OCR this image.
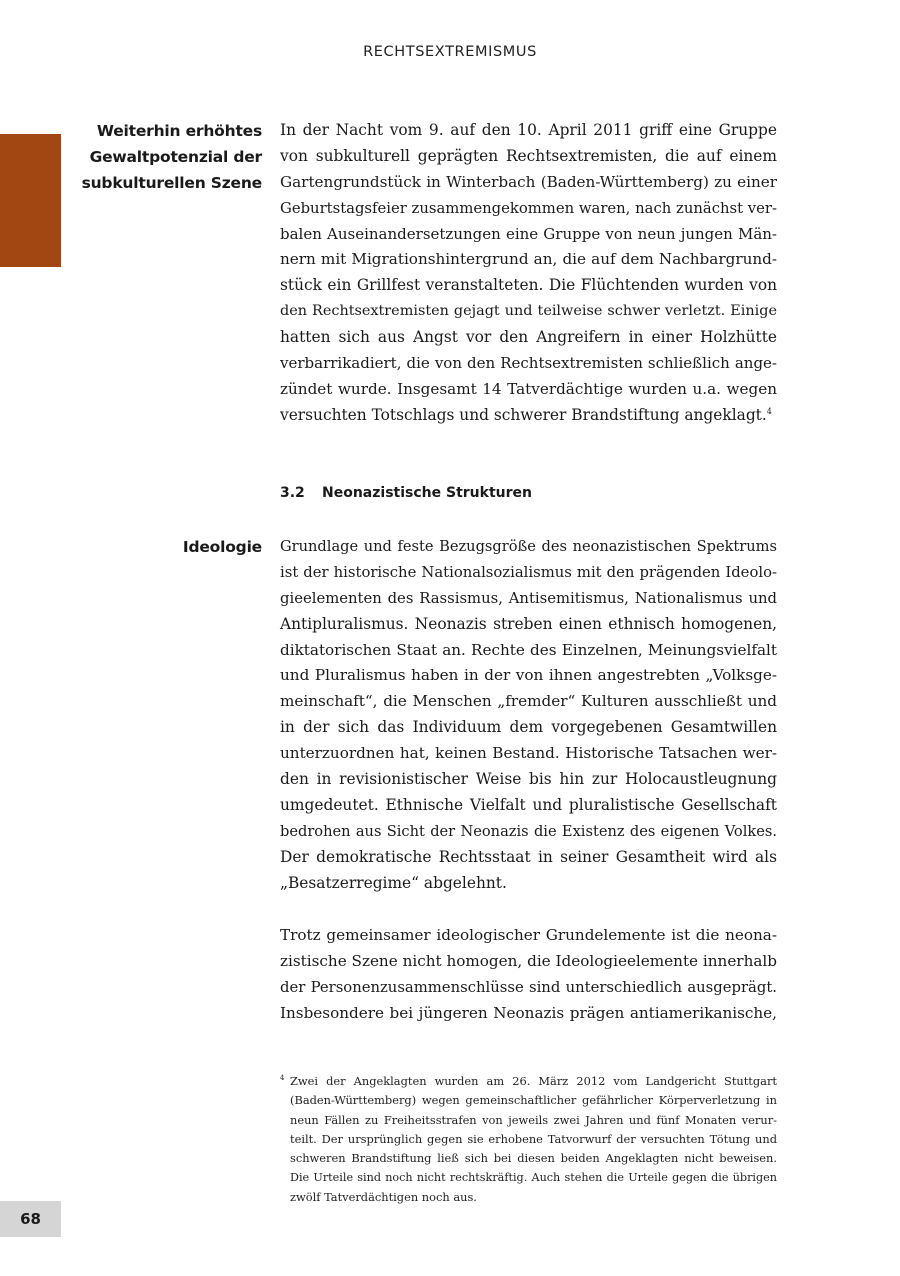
RECHTSEXTREMISMUS
Weiterhin erhöhtes
Gewaltpotenzial der
subkulturellen Szene
In der Nacht vom 9. auf den 10. April 2011 griff eine Gruppe
von subkulturell geprägten Rechtsextremisten, die auf einem
Gartengrundstück in Winterbach (Baden-Württemberg) zu einer
Geburtstagsfeier zusammengekommen waren, nach zunächst ver-
balen Auseinandersetzungen eine Gruppe von neun jungen Män-
nern mit Migrationshintergrund an, die auf dem Nachbargrund-
stück ein Grillfest veranstalteten. Die Flüchtenden wurden von
den Rechtsextremisten gejagt und teilweise schwer verletzt. Einige
hatten sich aus Angst vor den Angreifern in einer Holzhütte
verbarrikadiert, die von den Rechtsextremisten schließlich ange-
zündet wurde. Insgesamt 14 Tatverdächtige wurden u.a. wegen
versuchten Totschlags und schwerer Brandstiftung angeklagt.$^4$
3.2 Neonazistische Strukturen
Ideologie Grundlage und feste Bezugsgröße des neonazistischen Spektrums
ist der historische Nationalsozialismus mit den prägenden Ideolo-
gieelementen des Rassismus, Antisemitismus, Nationalismus und
Antipluralismus. Neonazis streben einen ethnisch homogenen,
diktatorischen Staat an. Rechte des Einzelnen, Meinungsvielfalt
und Pluralismus haben in der von ihnen angestrebten „Volksge-
meinschaft“, die Menschen „fremder“ Kulturen ausschließt und
in der sich das Individuum dem vorgegebenen Gesamtwillen
unterzuordnen hat, keinen Bestand. Historische Tatsachen wer-
den in revisionistischer Weise bis hin zur Holocaustleugnung
umgedeutet. Ethnische Vielfalt und pluralistische Gesellschaft
bedrohen aus Sicht der Neonazis die Existenz des eigenen Volkes.
Der demokratische Rechtsstaat in seiner Gesamtheit wird als
„Besatzerregime“ abgelehnt.
Trotz gemeinsamer ideologischer Grundelemente ist die neona-
zistische Szene nicht homogen, die Ideologieelemente innerhalb
der Personenzusammenschlüsse sind unterschiedlich ausgeprägt.
Insbesondere bei jüngeren Neonazis prägen antiamerikanische,
4 Zwei der Angeklagten wurden am 26. März 2012 vom Landgericht Stuttgart
(Baden-Württemberg) wegen gemeinschaftlicher gefährlicher Körperverletzung in
neun Fällen zu Freiheitsstrafen von jeweils zwei Jahren und fünf Monaten verur-
teilt. Der ursprünglich gegen sie erhobene Tatvorwurf der versuchten Tötung und
schweren Brandstiftung ließ sich bei diesen beiden Angeklagten nicht beweisen.
Die Urteile sind noch nicht rechtskräftig. Auch stehen die Urteile gegen die übrigen
zwölf Tatverdächtigen noch aus.
68
